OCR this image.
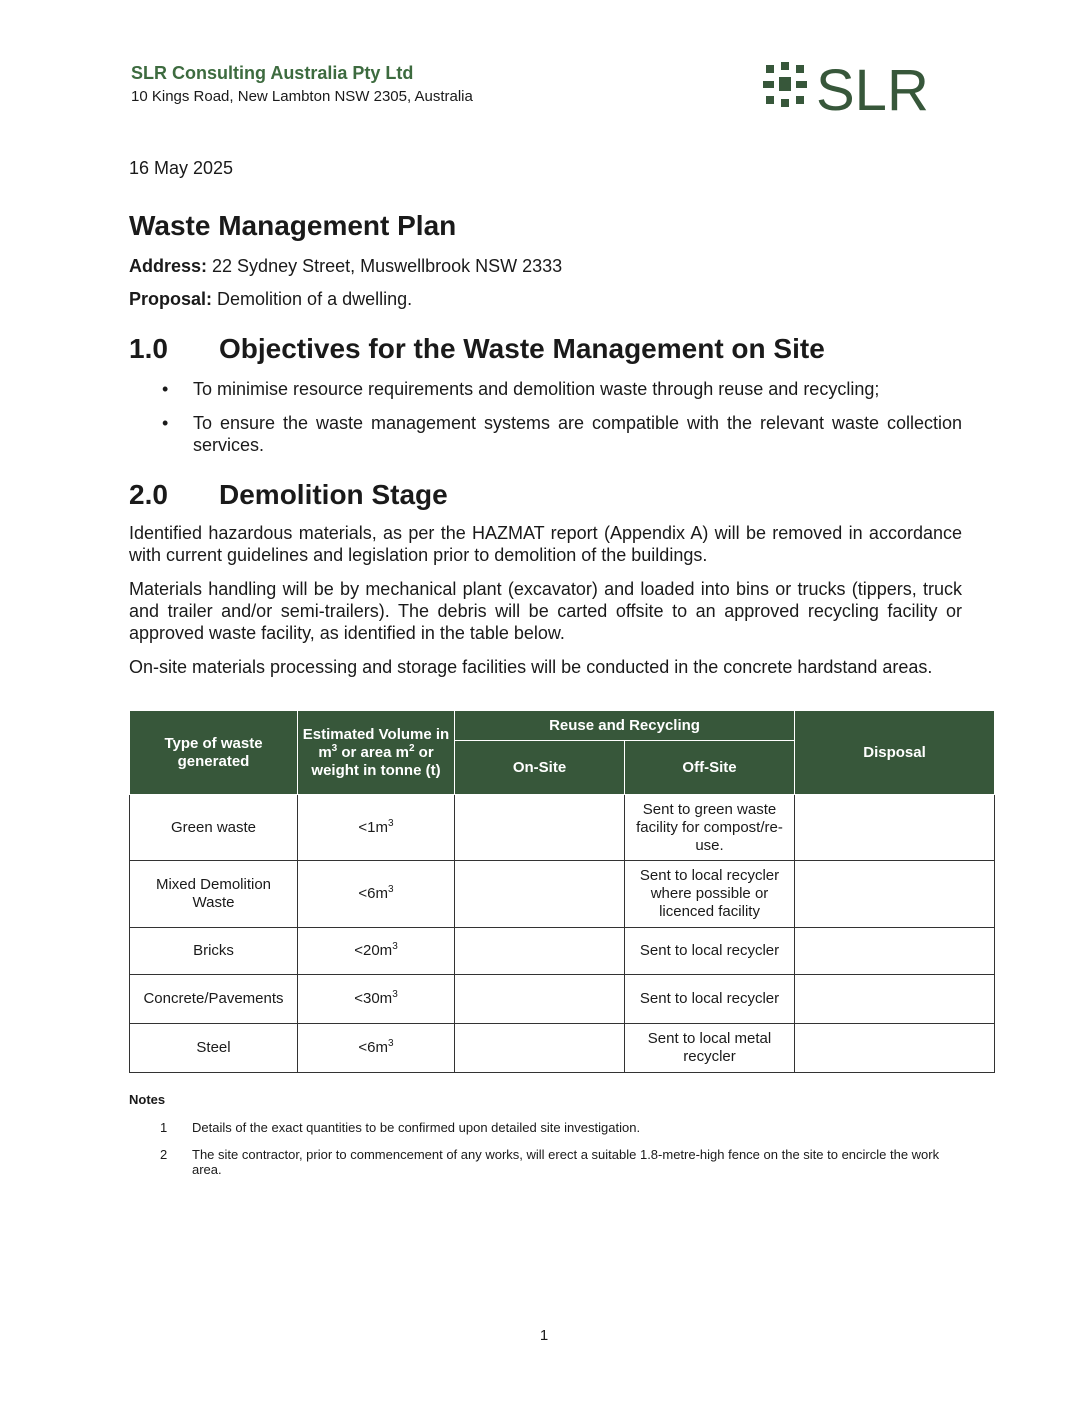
SLR Consulting Australia Pty Ltd
10 Kings Road, New Lambton NSW 2305, Australia	SLR
16 May 2025
Waste Management Plan
Address: 22 Sydney Street, Muswellbrook NSW 2333
Proposal: Demolition of a dwelling.
1.0 Objectives for the Waste Management on Site
• To minimise resource requirements and demolition waste through reuse and recycling;
• To ensure the waste management systems are compatible with the relevant waste collection services.
2.0 Demolition Stage

Identified hazardous materials, as per the HAZMAT report (Appendix A) will be removed in accordance with current guidelines and legislation prior to demolition of the buildings.

Materials handling will be by mechanical plant (excavator) and loaded into bins or trucks (tippers, truck and trailer and/or semi-trailers). The debris will be carted offsite to an approved recycling facility or approved waste facility, as identified in the table below.

On-site materials processing and storage facilities will be conducted in the concrete hardstand areas.

Type of waste generated	Estimated Volume in $m^3$ or area $m^2$ or weight in tonne (t)	Reuse and Recycling		Disposal
		On-Site	Off-Site	
Green waste	$<1m^3$		Sent to green waste facility for compost/re-use.	
Mixed Demolition Waste	$<6m^3$		Sent to local recycler where possible or licenced facility	
Bricks	$<20m^3$		Sent to local recycler	
Concrete/Pavements	$<30m^3$		Sent to local recycler	
Steel	$<6m^3$		Sent to local metal recycler	
Notes
1 Details of the exact quantities to be confirmed upon detailed site investigation.
2 The site contractor, prior to commencement of any works, will erect a suitable 1.8-metre-high fence on the site to encircle the work area.
1
